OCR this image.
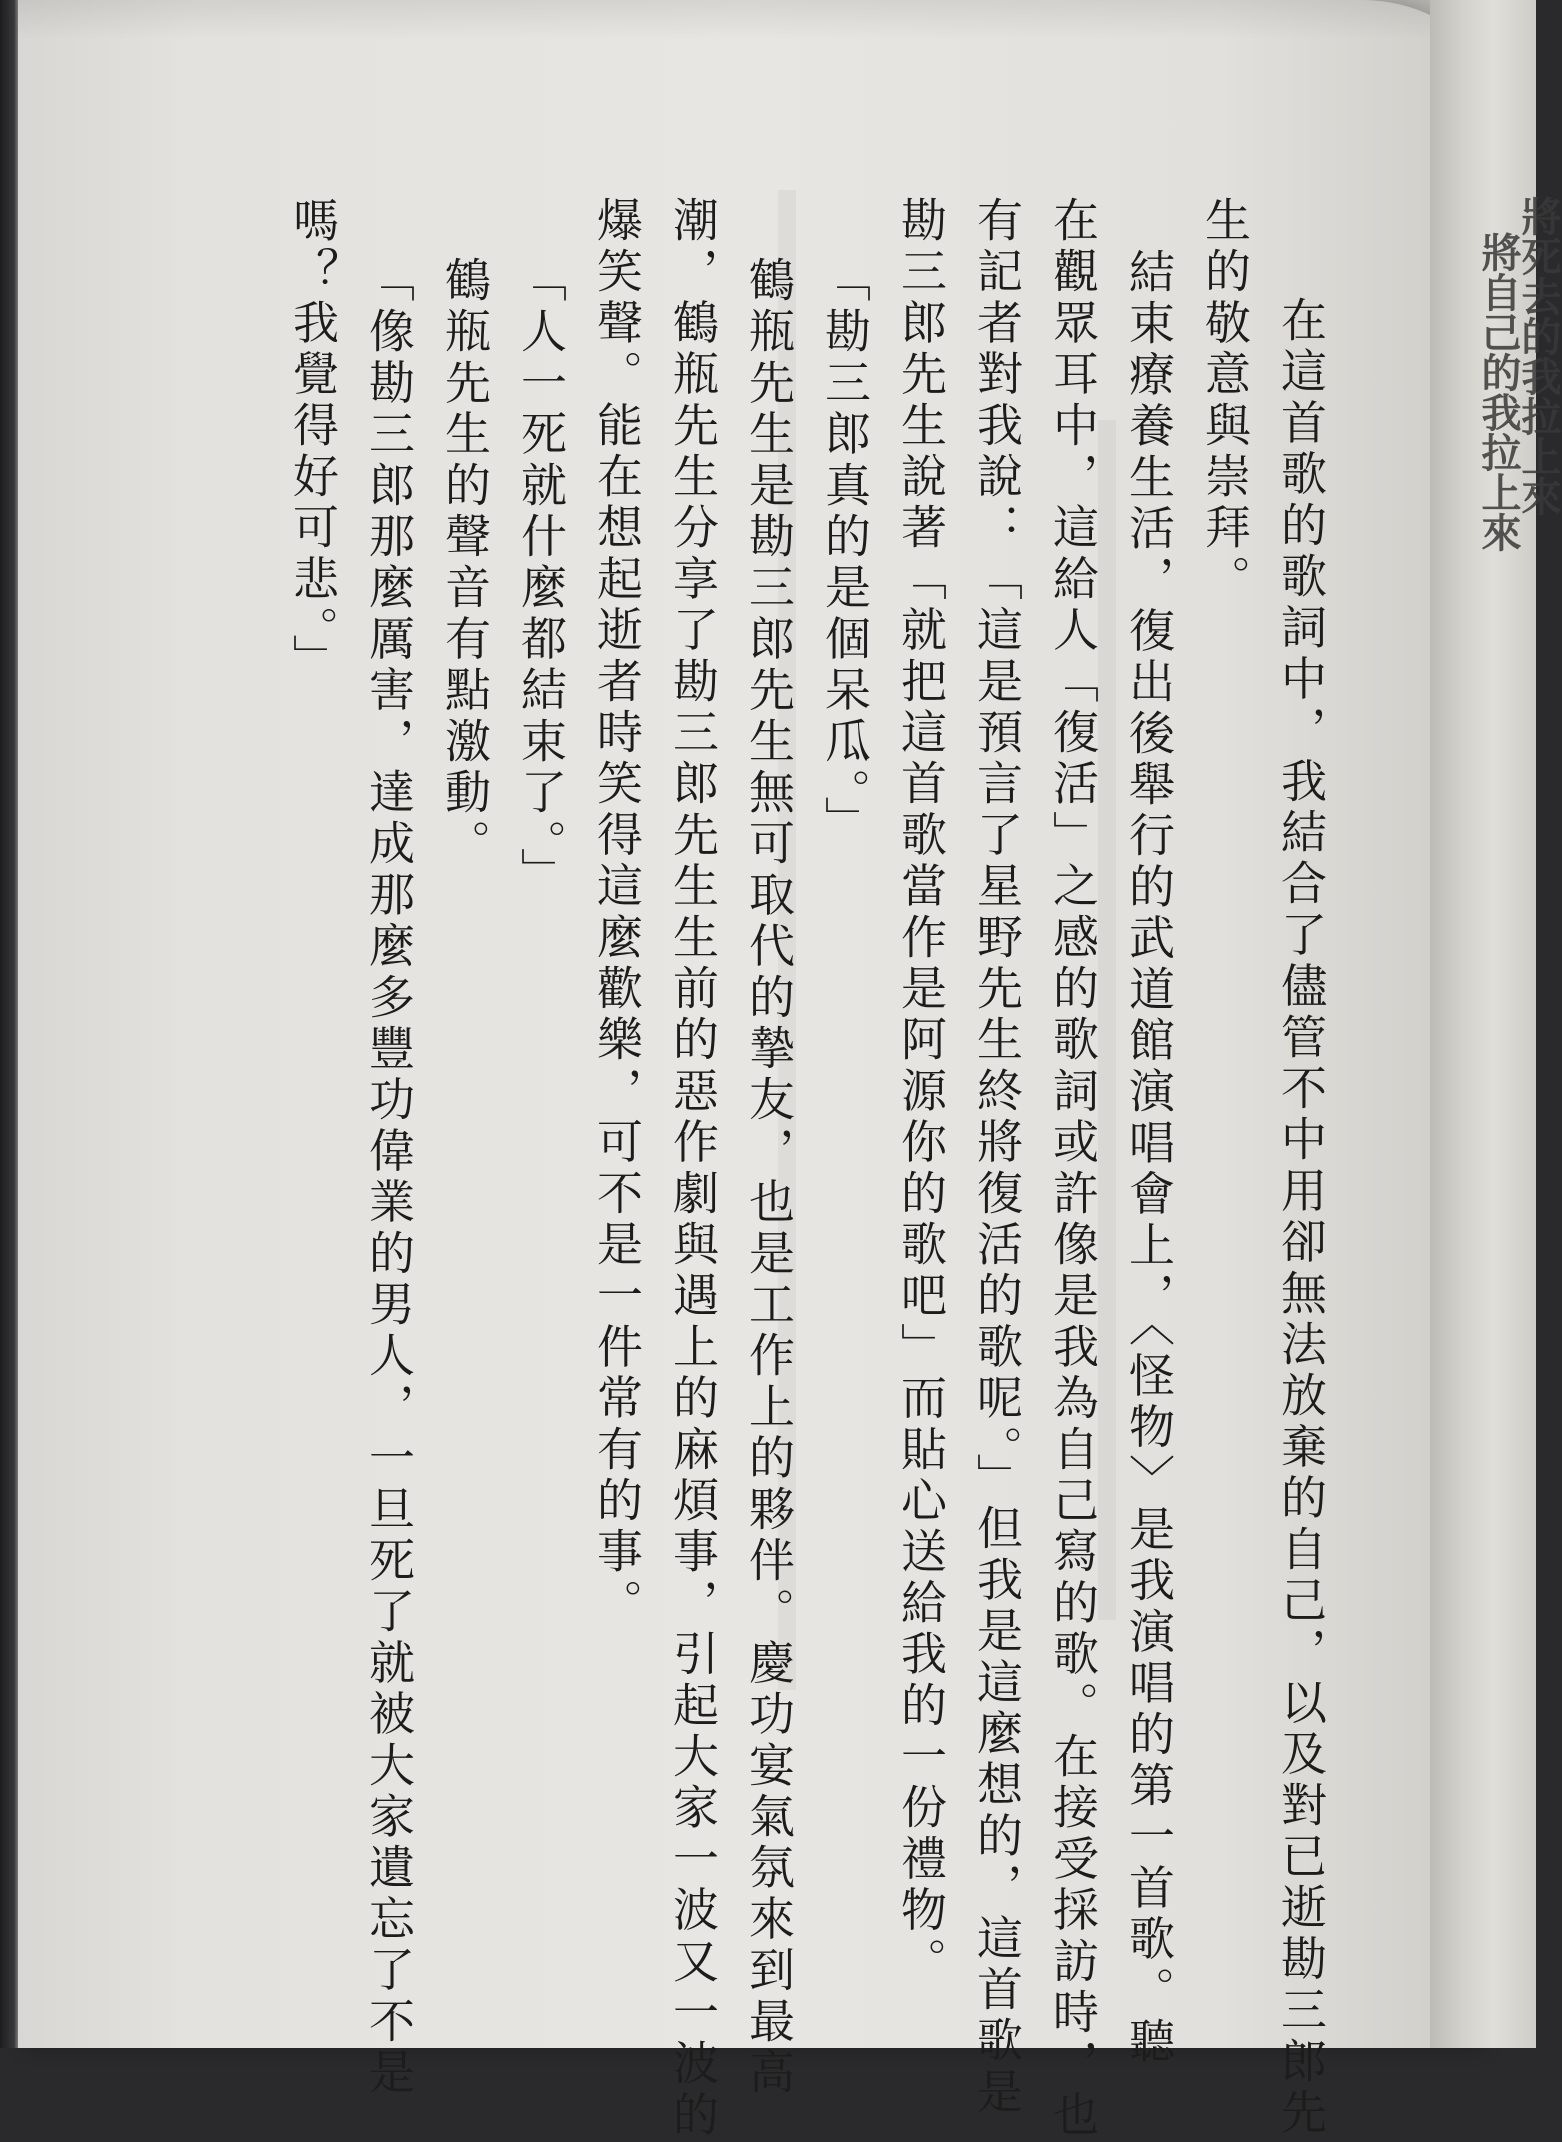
在這首歌的歌詞中，我結合了儘管不中用卻無法放棄的自己，以及對已逝勘三郎先
生的敬意與崇拜。
結束療養生活，復出後舉行的武道館演唱會上，〈怪物〉是我演唱的第一首歌。聽
在觀眾耳中，這給人「復活」之感的歌詞或許像是我為自己寫的歌。在接受採訪時，也
有記者對我說：「這是預言了星野先生終將復活的歌呢。」但我是這麼想的，這首歌是
勘三郎先生說著「就把這首歌當作是阿源你的歌吧」而貼心送給我的一份禮物。
「勘三郎真的是個呆瓜。」
鶴瓶先生是勘三郎先生無可取代的摯友，也是工作上的夥伴。慶功宴氣氛來到最高
潮，鶴瓶先生分享了勘三郎先生生前的惡作劇與遇上的麻煩事，引起大家一波又一波的
爆笑聲。能在想起逝者時笑得這麼歡樂，可不是一件常有的事。
「人一死就什麼都結束了。」
鶴瓶先生的聲音有點激動。
「像勘三郎那麼厲害，達成那麼多豐功偉業的男人，一旦死了就被大家遺忘了不是
嗎？我覺得好可悲。」	將自己的我拉上來
將死去的我拉上來
